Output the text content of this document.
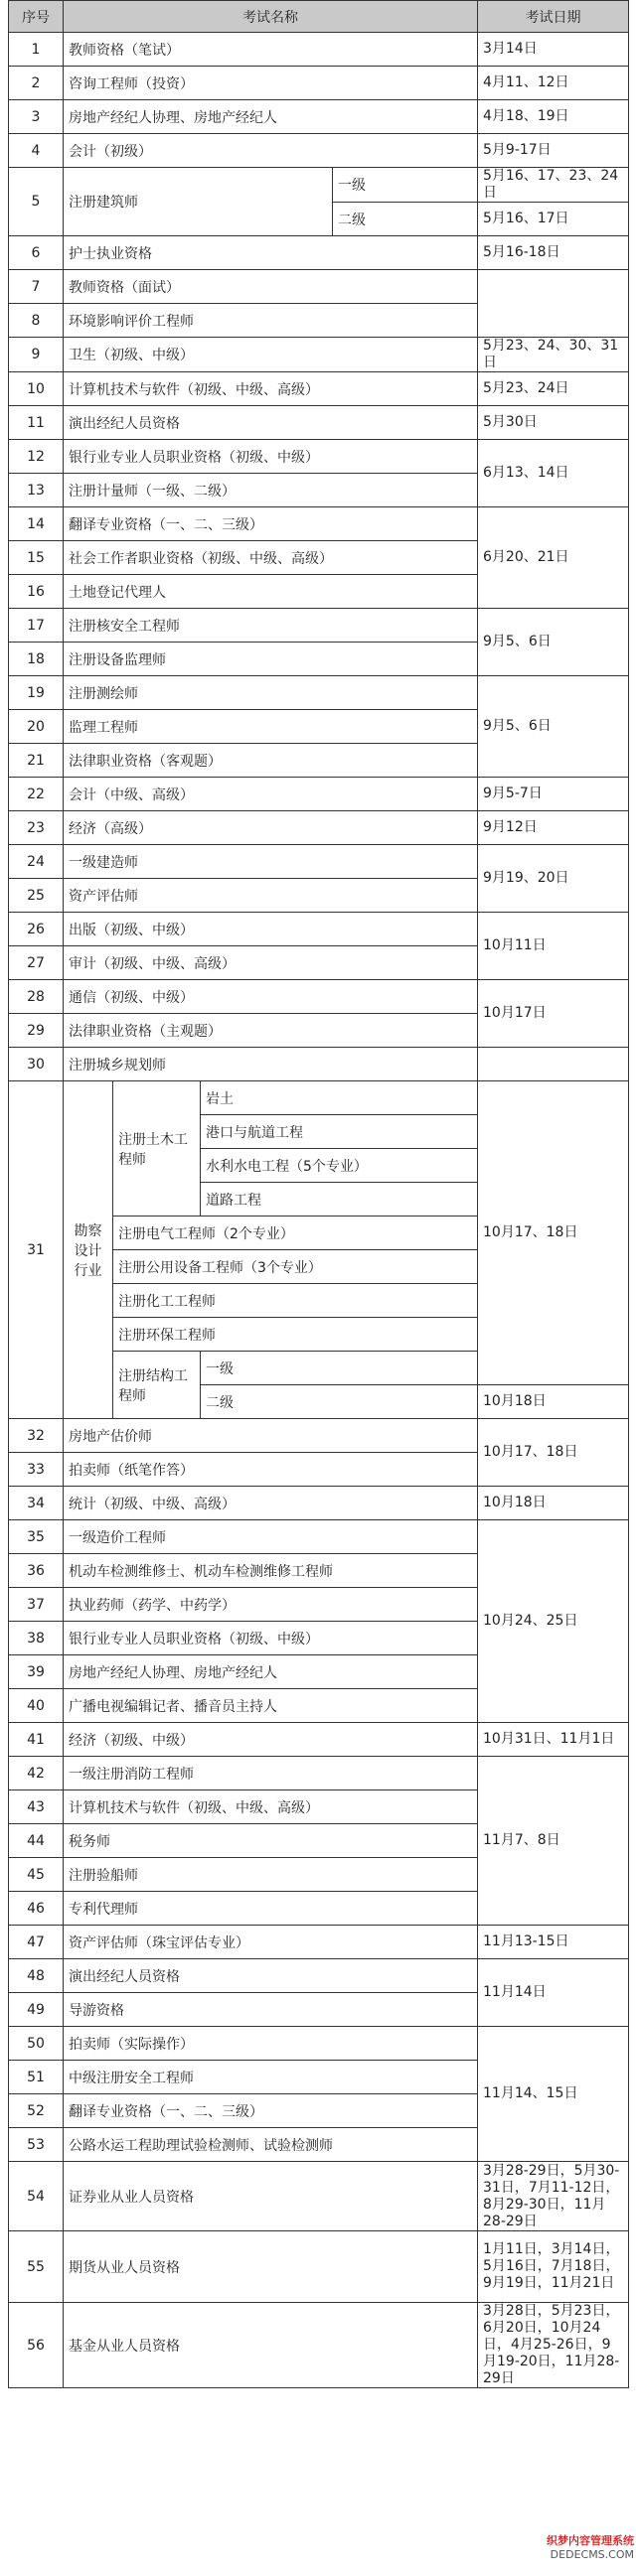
序号	考试名称				考试日期
1	教师资格（笔试）				3月14日
2	咨询工程师（投资）				4月11、12日
3	房地产经纪人协理、房地产经纪人				4月18、19日
4	会计（初级）				5月9-17日
5	注册建筑师			一级	5月16、17、23、24日
				二级	5月16、17日
6	护士执业资格				5月16-18日
7	教师资格（面试）				
8	环境影响评价工程师				
9	卫生（初级、中级）				5月23、24、30、31日
10	计算机技术与软件（初级、中级、高级）				5月23、24日
11	演出经纪人员资格				5月30日
12	银行业专业人员职业资格（初级、中级）				6月13、14日
13	注册计量师（一级、二级）				
14	翻译专业资格（一、二、三级）				6月20、21日
15	社会工作者职业资格（初级、中级、高级）				
16	土地登记代理人				
17	注册核安全工程师				9月5、6日
18	注册设备监理师				
19	注册测绘师				9月5、6日
20	监理工程师				
21	法律职业资格（客观题）				
22	会计（中级、高级）				9月5-7日
23	经济（高级）				9月12日
24	一级建造师				9月19、20日
25	资产评估师				
26	出版（初级、中级）				10月11日
27	审计（初级、中级、高级）				
28	通信（初级、中级）				10月17日
29	法律职业资格（主观题）				
30	注册城乡规划师				
31	勘察设计行业	注册土木工程师	岩土		10月17、18日
			港口与航道工程		
			水利水电工程（5个专业）		
			道路工程		
		注册电气工程师（2个专业）			
		注册公用设备工程师（3个专业）			
		注册化工工程师			
		注册环保工程师			
		注册结构工程师	一级		
			二级		10月18日
32	房地产估价师				10月17、18日
33	拍卖师（纸笔作答）				
34	统计（初级、中级、高级）				10月18日
35	一级造价工程师				10月24、25日
36	机动车检测维修士、机动车检测维修工程师				
37	执业药师（药学、中药学）				
38	银行业专业人员职业资格（初级、中级）				
39	房地产经纪人协理、房地产经纪人				
40	广播电视编辑记者、播音员主持人				
41	经济（初级、中级）				10月31日、11月1日
42	一级注册消防工程师				11月7、8日
43	计算机技术与软件（初级、中级、高级）				
44	税务师				
45	注册验船师				
46	专利代理师				
47	资产评估师（珠宝评估专业）				11月13-15日
48	演出经纪人员资格				11月14日
49	导游资格				
50	拍卖师（实际操作）				11月14、15日
51	中级注册安全工程师				
52	翻译专业资格（一、二、三级）				
53	公路水运工程助理试验检测师、试验检测师				
54	证券业从业人员资格				3月28-29日，5月30-31日，7月11-12日，8月29-30日，11月28-29日
55	期货从业人员资格				1月11日，3月14日，5月16日，7月18日，9月19日，11月21日
56	基金从业人员资格				3月28日，5月23日，6月20日，10月24日，4月25-26日，9月19-20日，11月28-29日
织梦内容管理系统
DEDECMS.COM
